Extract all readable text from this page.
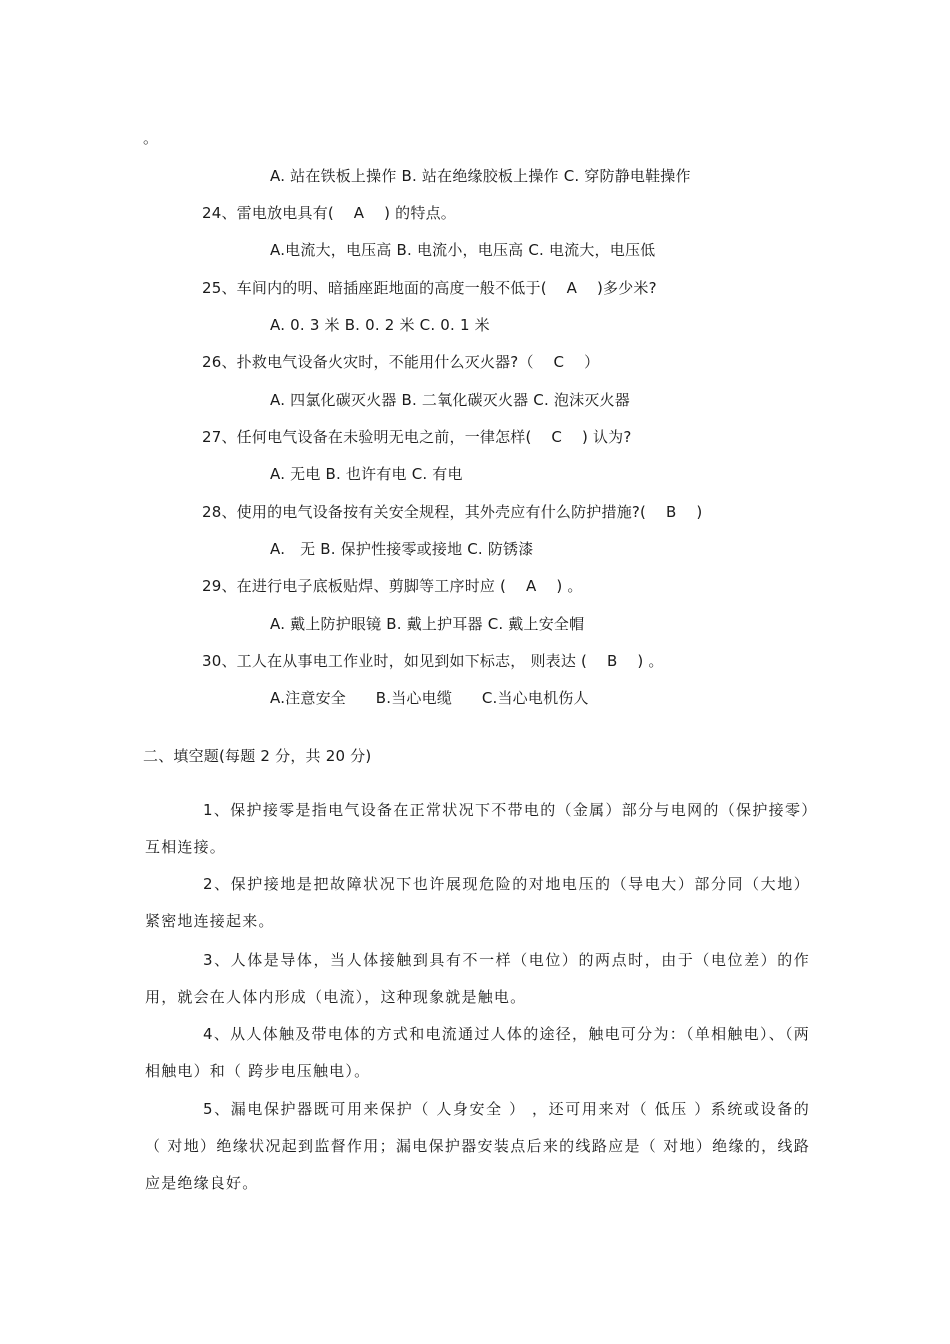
。
A. 站在铁板上操作 B. 站在绝缘胶板上操作 C. 穿防静电鞋操作
24、雷电放电具有(    A    ) 的特点。
A.电流大，电压高 B. 电流小，电压高 C. 电流大，电压低
25、车间内的明、暗插座距地面的高度一般不低于(    A    )多少米?
A. 0. 3 米 B. 0. 2 米 C. 0. 1 米
26、扑救电气设备火灾时，不能用什么灭火器?（    C    ）
A. 四氯化碳灭火器 B. 二氧化碳灭火器 C. 泡沫灭火器
27、任何电气设备在未验明无电之前，一律怎样(    C    ) 认为?
A. 无电 B. 也许有电 C. 有电
28、使用的电气设备按有关安全规程，其外壳应有什么防护措施?(    B    )
A.   无 B. 保护性接零或接地 C. 防锈漆
29、在进行电子底板贴焊、剪脚等工序时应 (    A    ) 。
A. 戴上防护眼镜 B. 戴上护耳器 C. 戴上安全帽
30、工人在从事电工作业时，如见到如下标志， 则表达 (    B    ) 。
A.注意安全      B.当心电缆      C.当心电机伤人
二、填空题(每题 2 分，共 20 分)
1、保护接零是指电气设备在正常状况下不带电的（金属）部分与电网的（保护接零）互相连接。
2、保护接地是把故障状况下也许展现危险的对地电压的（导电大）部分同（大地）紧密地连接起来。
3、人体是导体，当人体接触到具有不一样（电位）的两点时，由于（电位差）的作用，就会在人体内形成（电流），这种现象就是触电。
4、从人体触及带电体的方式和电流通过人体的途径，触电可分为：（单相触电）、（两相触电）和（ 跨步电压触电）。
5、漏电保护器既可用来保护（ 人身安全 ） ，还可用来对（ 低压 ）系统或设备的（ 对地）绝缘状况起到监督作用；漏电保护器安装点后来的线路应是（ 对地）绝缘的，线路应是绝缘良好。
